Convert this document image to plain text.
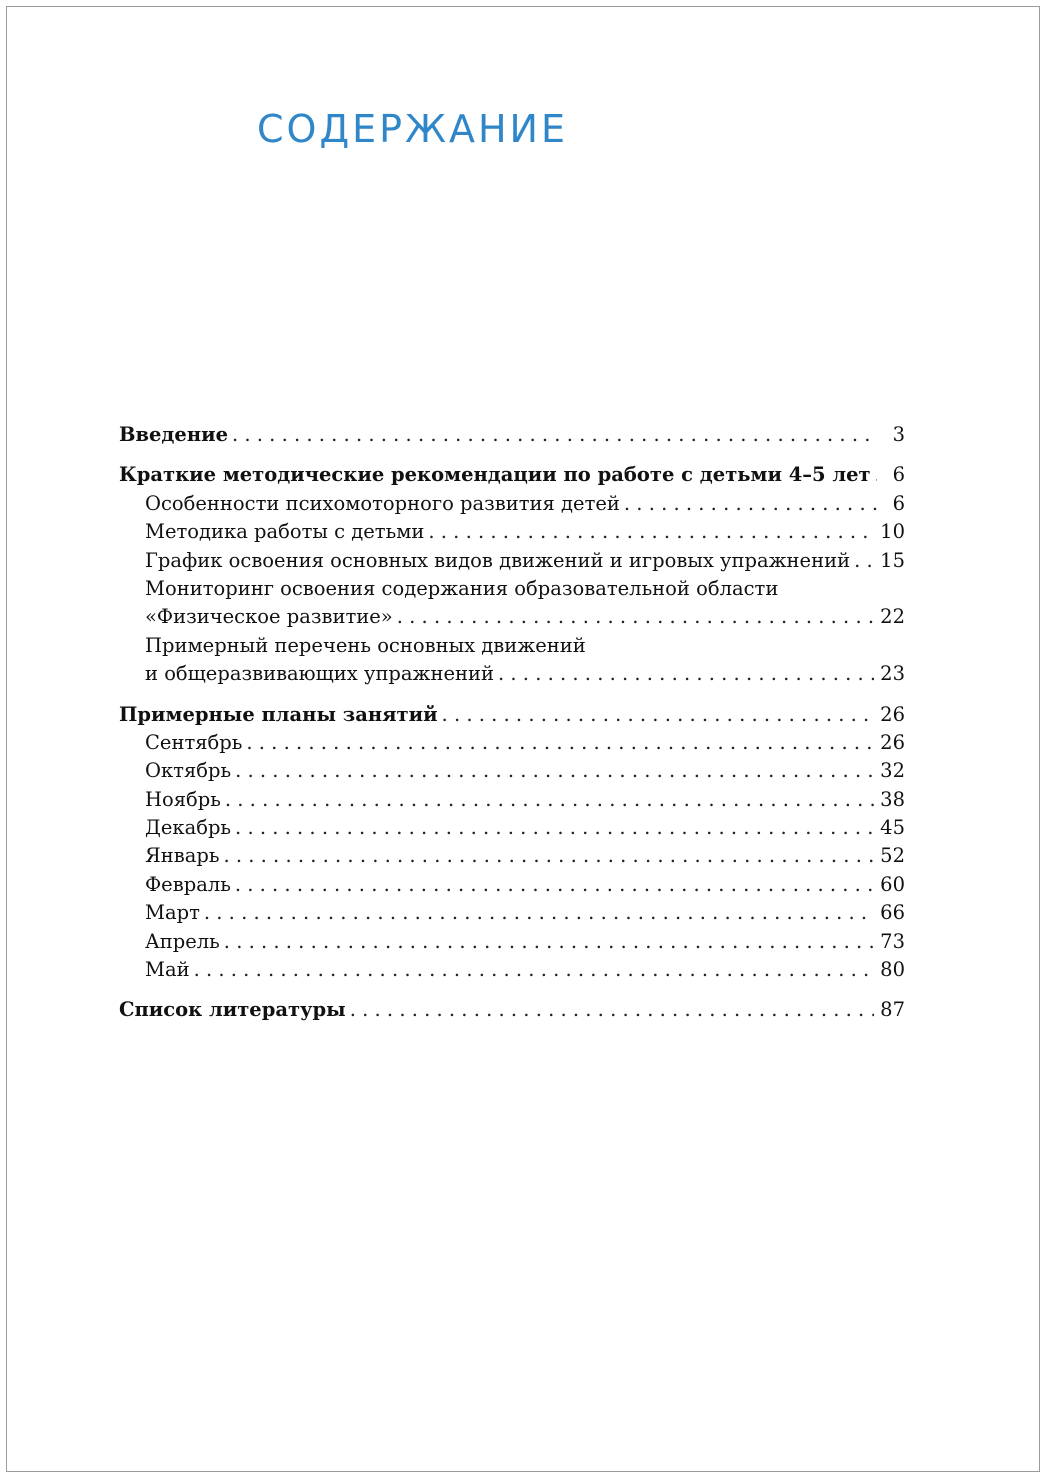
СОДЕРЖАНИЕ
Введение . . .	3
Краткие методические рекомендации по работе с детьми 4–5 лет . . .	6
Особенности психомоторного развития детей . . .	6
Методика работы с детьми . . .	10
График освоения основных видов движений и игровых упражнений . . . 15
Мониторинг освоения содержания образовательной области
«Физическое развитие» . . .	22
Примерный перечень основных движений
и общеразвивающих упражнений . . .	23
Примерные планы занятий . . .	26
Сентябрь . . .	26
Октябрь . . .	32
Ноябрь . . .	38
Декабрь . . .	45
Январь . . .	52
Февраль . . .	60
Март . . .	66
Апрель . . .	73
Май . . .	80
Список литературы . . .	87
